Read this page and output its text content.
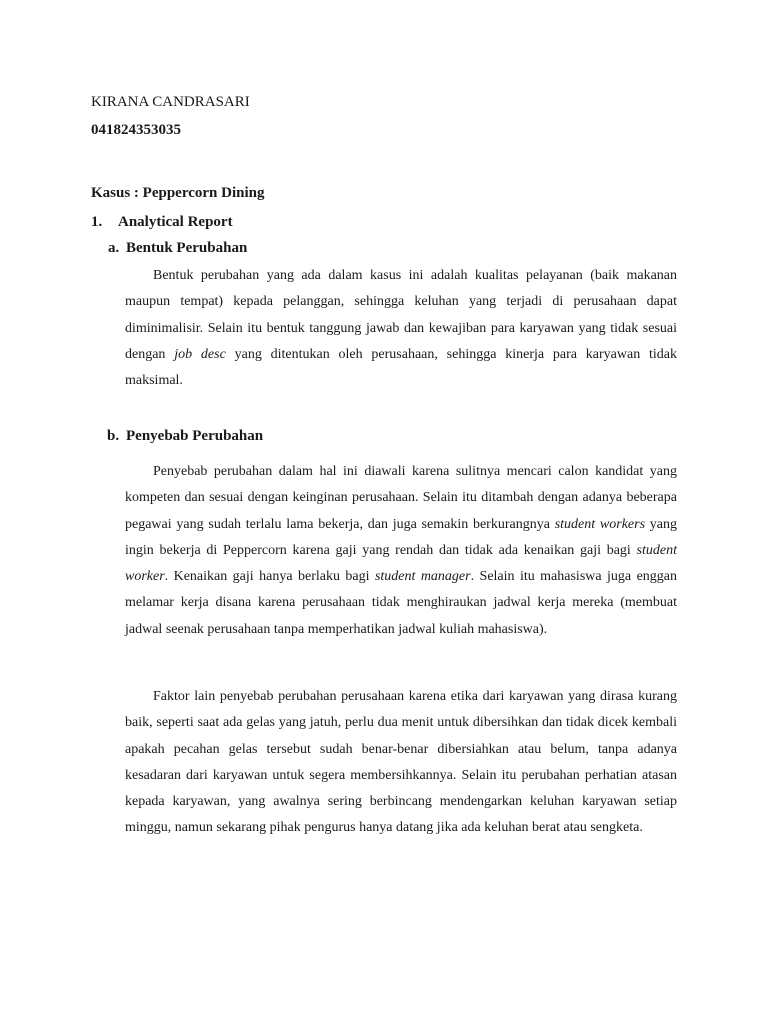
KIRANA CANDRASARI
041824353035
Kasus : Peppercorn Dining
1. Analytical Report
a. Bentuk Perubahan

Bentuk perubahan yang ada dalam kasus ini adalah kualitas pelayanan (baik makanan maupun tempat) kepada pelanggan, sehingga keluhan yang terjadi di perusahaan dapat diminimalisir. Selain itu bentuk tanggung jawab dan kewajiban para karyawan yang tidak sesuai dengan job desc yang ditentukan oleh perusahaan, sehingga kinerja para karyawan tidak maksimal.

b. Penyebab Perubahan

Penyebab perubahan dalam hal ini diawali karena sulitnya mencari calon kandidat yang kompeten dan sesuai dengan keinginan perusahaan. Selain itu ditambah dengan adanya beberapa pegawai yang sudah terlalu lama bekerja, dan juga semakin berkurangnya student workers yang ingin bekerja di Peppercorn karena gaji yang rendah dan tidak ada kenaikan gaji bagi student worker. Kenaikan gaji hanya berlaku bagi student manager. Selain itu mahasiswa juga enggan melamar kerja disana karena perusahaan tidak menghiraukan jadwal kerja mereka (membuat jadwal seenak perusahaan tanpa memperhatikan jadwal kuliah mahasiswa).

Faktor lain penyebab perubahan perusahaan karena etika dari karyawan yang dirasa kurang baik, seperti saat ada gelas yang jatuh, perlu dua menit untuk dibersihkan dan tidak dicek kembali apakah pecahan gelas tersebut sudah benar-benar dibersiahkan atau belum, tanpa adanya kesadaran dari karyawan untuk segera membersihkannya. Selain itu perubahan perhatian atasan kepada karyawan, yang awalnya sering berbincang mendengarkan keluhan karyawan setiap minggu, namun sekarang pihak pengurus hanya datang jika ada keluhan berat atau sengketa.
